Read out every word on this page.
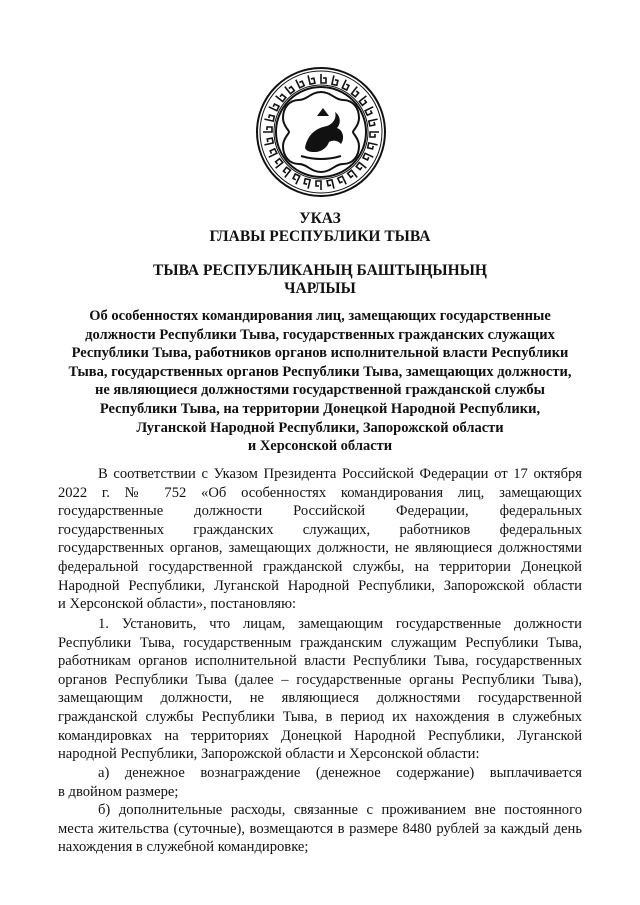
УКАЗ
ГЛАВЫ РЕСПУБЛИКИ ТЫВА
ТЫВА РЕСПУБЛИКАНЫҢ БАШТЫҢЫНЫҢ
ЧАРЛЫЫ
Об особенностях командирования лиц, замещающих государственные
должности Республики Тыва, государственных гражданских служащих
Республики Тыва, работников органов исполнительной власти Республики
Тыва, государственных органов Республики Тыва, замещающих должности,
не являющиеся должностями государственной гражданской службы
Республики Тыва, на территории Донецкой Народной Республики,
Луганской Народной Республики, Запорожской области
и Херсонской области
В соответствии с Указом Президента Российской Федерации от 17 октября
2022 г. № 752 «Об особенностях командирования лиц, замещающих
государственные должности Российской Федерации, федеральных
государственных гражданских служащих, работников федеральных
государственных органов, замещающих должности, не являющиеся должностями
федеральной государственной гражданской службы, на территории Донецкой
Народной Республики, Луганской Народной Республики, Запорожской области
и Херсонской области», постановляю:
1. Установить, что лицам, замещающим государственные должности
Республики Тыва, государственным гражданским служащим Республики Тыва,
работникам органов исполнительной власти Республики Тыва, государственных
органов Республики Тыва (далее – государственные органы Республики Тыва),
замещающим должности, не являющиеся должностями государственной
гражданской службы Республики Тыва, в период их нахождения в служебных
командировках на территориях Донецкой Народной Республики, Луганской
народной Республики, Запорожской области и Херсонской области:
а) денежное вознаграждение (денежное содержание) выплачивается
в двойном размере;
б) дополнительные расходы, связанные с проживанием вне постоянного
места жительства (суточные), возмещаются в размере 8480 рублей за каждый день
нахождения в служебной командировке;
